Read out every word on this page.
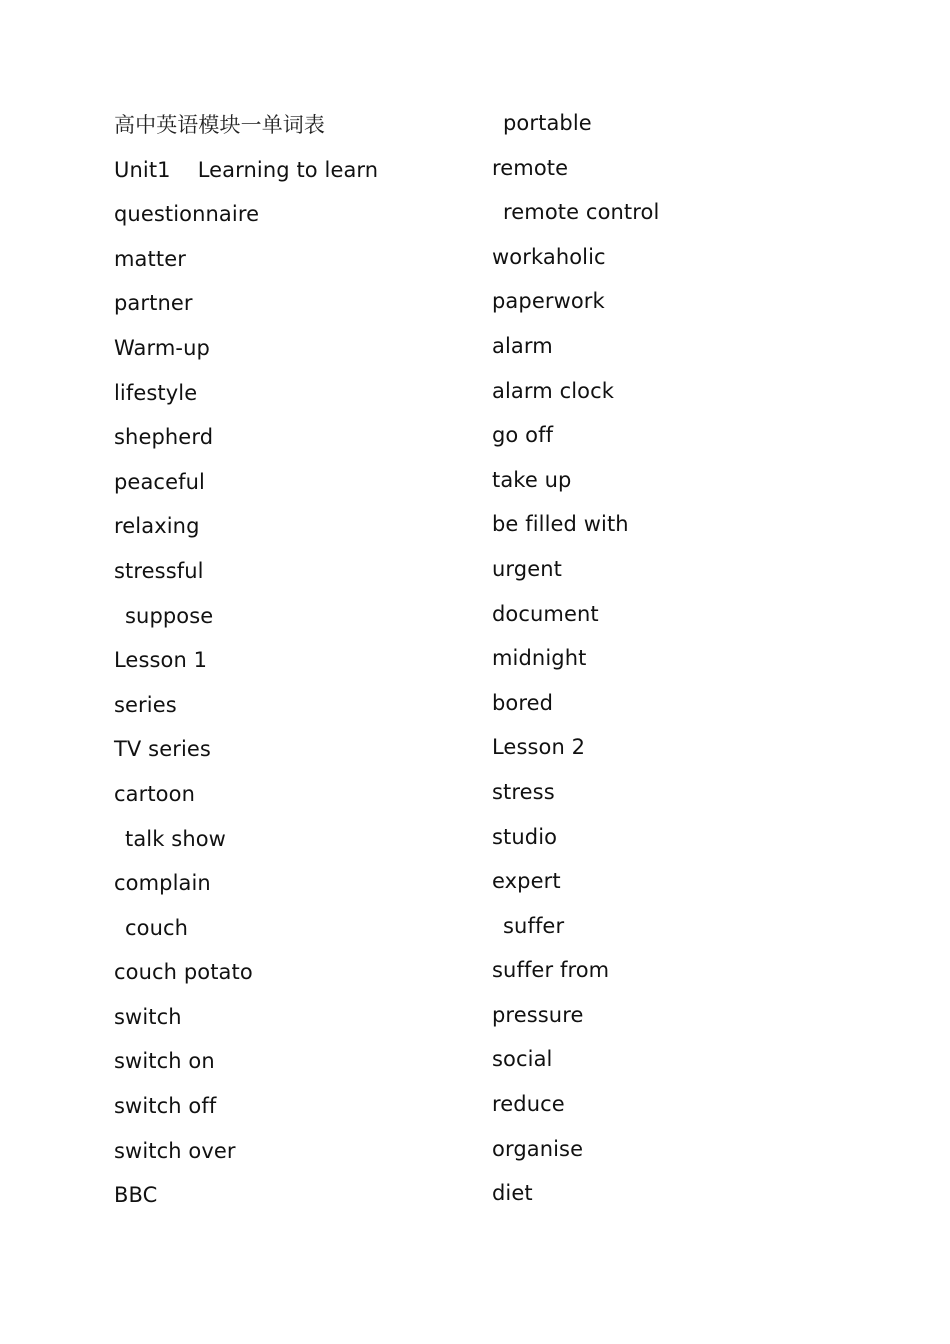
高中英语模块一单词表
Unit1    Learning to learn
questionnaire
matter
partner
Warm-up
lifestyle
shepherd
peaceful
relaxing
stressful
suppose
Lesson 1
series
TV series
cartoon
talk show
complain
couch
couch potato
switch
switch on
switch off
switch over
BBC
portable
remote
remote control
workaholic
paperwork
alarm
alarm clock
go off
take up
be filled with
urgent
document
midnight
bored
Lesson 2
stress
studio
expert
suffer
suffer from
pressure
social
reduce
organise
diet
